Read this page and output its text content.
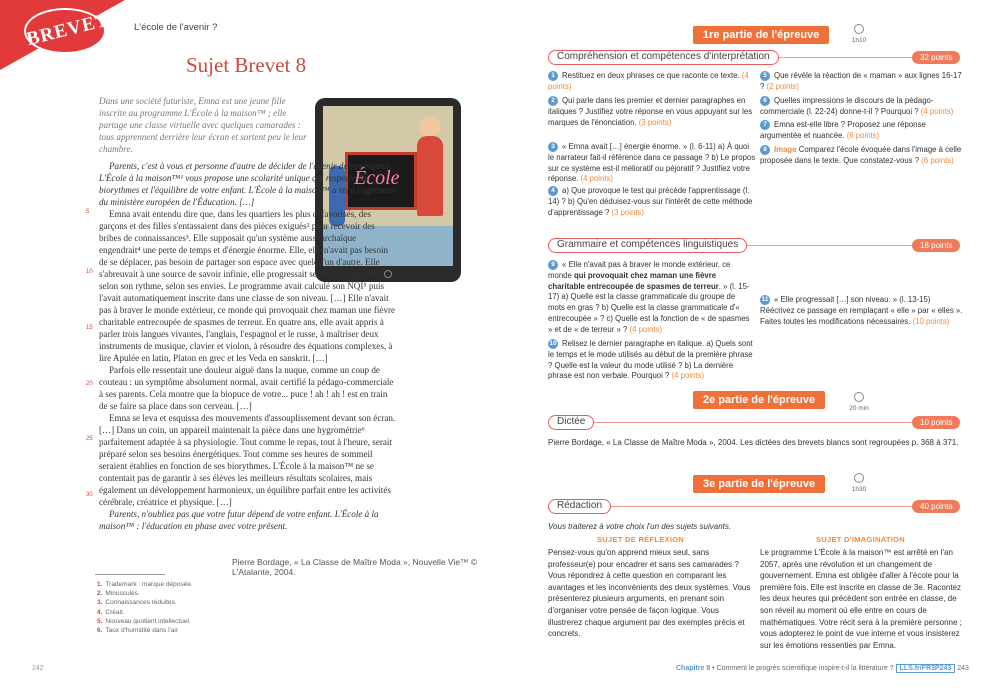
BREVET L'école de l'avenir ?
Sujet Brevet 8
Dans une société futuriste, Emna est une jeune fille inscrite au programme L'École à la maison™ ; elle partage une classe virtuelle avec quelques camarades : tous apprennent derrière leur écran et sortent peu le leur chambre.
École

Parents, c'est à vous et personne d'autre de décider de l'avenir de vos enfants. L'École à la maison™¹ vous propose une scolarité unique qui respecte les biorythmes et l'équilibre de votre enfant. L'École à la maison™ a reçu l'agrément du ministère européen de l'Éducation. […]

Emna avait entendu dire que, dans les quartiers les plus défavorisés, des garçons et des filles s'entassaient dans des pièces exiguës² pour recevoir des bribes de connaissances³. Elle supposait qu'un système aussi archaïque engendrait⁴ une perte de temps et d'énergie énorme. Elle, elle n'avait pas besoin de se déplacer, pas besoin de partager son espace avec quelqu'un d'autre. Elle s'abreuvait à une source de savoir infinie, elle progressait selon ses capacités, selon son rythme, selon ses envies. Le programme avait calculé son NQI⁵ puis l'avait automatiquement inscrite dans une classe de son niveau. […] Elle n'avait pas à braver le monde extérieur, ce monde qui provoquait chez maman une fièvre charitable entrecoupée de spasmes de terreur. En quatre ans, elle avait appris à parler trois langues vivantes, l'anglais, l'espagnol et le russe, à maîtriser deux instruments de musique, clavier et violon, à résoudre des équations complexes, à lire Apulée en latin, Platon en grec et les Veda en sanskrit. […]

Parfois elle ressentait une douleur aiguë dans la nuque, comme un coup de couteau : un symptôme absolument normal, avait certifié la pédago-commerciale à ses parents. Cela montre que la biopuce de votre... puce ! ah ! ah ! est en train de se faire sa place dans son cerveau. […]

Emna se leva et esquissa des mouvements d'assouplissement devant son écran. […] Dans un coin, un appareil maintenait la pièce dans une hygrométrie⁶ parfaitement adaptée à sa physiologie. Tout comme le repas, tout à l'heure, serait préparé selon ses besoins énergétiques. Tout comme ses heures de sommeil seraient établies en fonction de ses biorythmes. L'École à la maison™ ne se contentait pas de garantir à ses élèves les meilleurs résultats scolaires, mais également un développement harmonieux, un équilibre parfait entre les activités cérébrale, créatrice et physique. […]

Parents, n'oubliez pas que votre futur dépend de votre enfant. L'École à la maison™ : l'éducation en phase avec votre présent.

5
10
15
20
25
30
Pierre Bordage, « La Classe de Maître Moda », Nouvelle Vie™ © L'Atalante, 2004.
1. Trademark : marque déposée.
2. Minuscules.
3. Connaissances réduites.
4. Créait.
5. Nouveau quotient intellectuel.
6. Taux d'humidité dans l'air
242
1re partie de l'épreuve	1h10
Compréhension et compétences d'interprétation	32 points
1 Restituez en deux phrases ce que raconte ce texte. (4 points)
2 Qui parle dans les premier et dernier paragraphes en italiques ? Justifiez votre réponse en vous appuyant sur les marques de l'énonciation. (3 points)
3 « Emna avait […] énergie énorme. » (l. 6-11) a) À quoi le narrateur fait-il référence dans ce passage ? b) Le propos sur ce système est-il mélioratif ou péjoratif ? Justifiez votre réponse. (4 points)
4 a) Que provoque le test qui précède l'apprentissage (l. 14) ? b) Qu'en déduisez-vous sur l'intérêt de cette méthode d'apprentissage ? (3 points)
5 Que révèle la réaction de « maman » aux lignes 16-17 ? (2 points)
6 Quelles impressions le discours de la pédago-commerciale (l. 22-24) donne-t-il ? Pourquoi ? (4 points)
7 Emna est-elle libre ? Proposez une réponse argumentée et nuancée. (6 points)
8 Image Comparez l'école évoquée dans l'image à celle proposée dans le texte. Que constatez-vous ? (6 points)
Grammaire et compétences linguistiques	18 points
9 « Elle n'avait pas à braver le monde extérieur, ce monde qui provoquait chez maman une fièvre charitable entrecoupée de spasmes de terreur. » (l. 15-17) a) Quelle est la classe grammaticale du groupe de mots en gras ? b) Quelle est la classe grammaticale d'« entrecoupée » ? c) Quelle est la fonction de « de spasmes » et de « de terreur » ? (4 points)
10 Relisez le dernier paragraphe en italique. a) Quels sont le temps et le mode utilisés au début de la première phrase ? Quelle est la valeur du mode utilisé ? b) La dernière phrase est non verbale. Pourquoi ? (4 points)
11 « Elle progressait […] son niveau. » (l. 13-15) Réécrivez ce passage en remplaçant « elle » par « elles ». Faites toutes les modifications nécessaires. (10 points)
2e partie de l'épreuve
20 min
Dictée	10 points
Pierre Bordage, « La Classe de Maître Moda », 2004. Les dictées des brevets blancs sont regroupées p. 368 à 371.
3e partie de l'épreuve	1h30
Rédaction	40 points
Vous traiterez à votre choix l'un des sujets suivants.
SUJET DE RÉFLEXION
Pensez-vous qu'on apprend mieux seul, sans professeur(e) pour encadrer et sans ses camarades ? Vous répondrez à cette question en comparant les avantages et les inconvénients des deux systèmes. Vous présenterez plusieurs arguments, en prenant soin d'organiser votre pensée de façon logique. Vous illustrerez chaque argument par des exemples précis et concrets.
SUJET D'IMAGINATION
Le programme L'École à la maison™ est arrêté en l'an 2057, après une révolution et un changement de gouvernement. Emna est obligée d'aller à l'école pour la première fois. Elle est inscrite en classe de 3e. Racontez les deux heures qui précèdent son entrée en classe, de son réveil au moment où elle entre en cours de mathématiques. Votre récit sera à la première personne ; vous adopterez le point de vue interne et vous insisterez sur les émotions ressenties par Emna.
Chapitre 8 • Comment le progrès scientifique inspire-t-il la littérature ? LLS.fr/FR3P243 243
